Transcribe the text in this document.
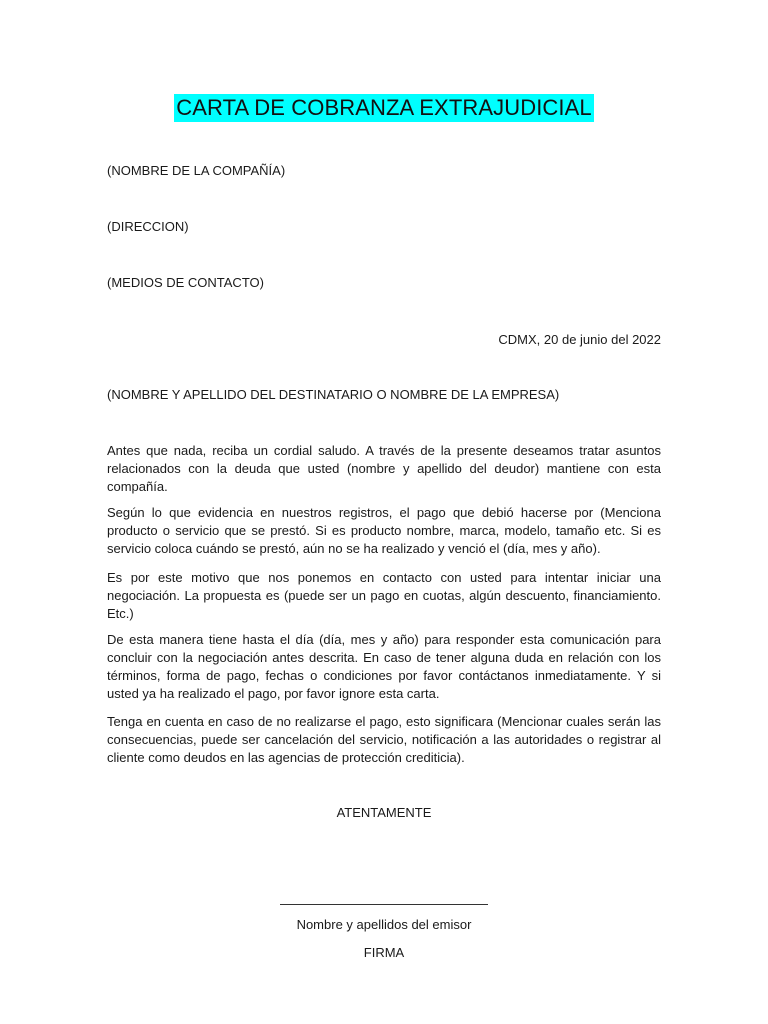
CARTA DE COBRANZA EXTRAJUDICIAL
(NOMBRE DE LA COMPAÑÍA)
(DIRECCION)
(MEDIOS DE CONTACTO)
CDMX, 20 de junio del 2022
(NOMBRE Y APELLIDO DEL DESTINATARIO O NOMBRE DE LA EMPRESA)
Antes que nada, reciba un cordial saludo. A través de la presente deseamos tratar asuntos relacionados con la deuda que usted (nombre y apellido del deudor) mantiene con esta compañía.
Según lo que evidencia en nuestros registros, el pago que debió hacerse por (Menciona producto o servicio que se prestó. Si es producto nombre, marca, modelo, tamaño etc. Si es servicio coloca cuándo se prestó, aún no se ha realizado y venció el (día, mes y año).
Es por este motivo que nos ponemos en contacto con usted para intentar iniciar una negociación. La propuesta es (puede ser un pago en cuotas, algún descuento, financiamiento. Etc.)
De esta manera tiene hasta el día (día, mes y año) para responder esta comunicación para concluir con la negociación antes descrita. En caso de tener alguna duda en relación con los términos, forma de pago, fechas o condiciones por favor contáctanos inmediatamente. Y si usted ya ha realizado el pago, por favor ignore esta carta.
Tenga en cuenta en caso de no realizarse el pago, esto significara (Mencionar cuales serán las consecuencias, puede ser cancelación del servicio, notificación a las autoridades o registrar al cliente como deudos en las agencias de protección crediticia).
ATENTAMENTE
Nombre y apellidos del emisor
FIRMA
